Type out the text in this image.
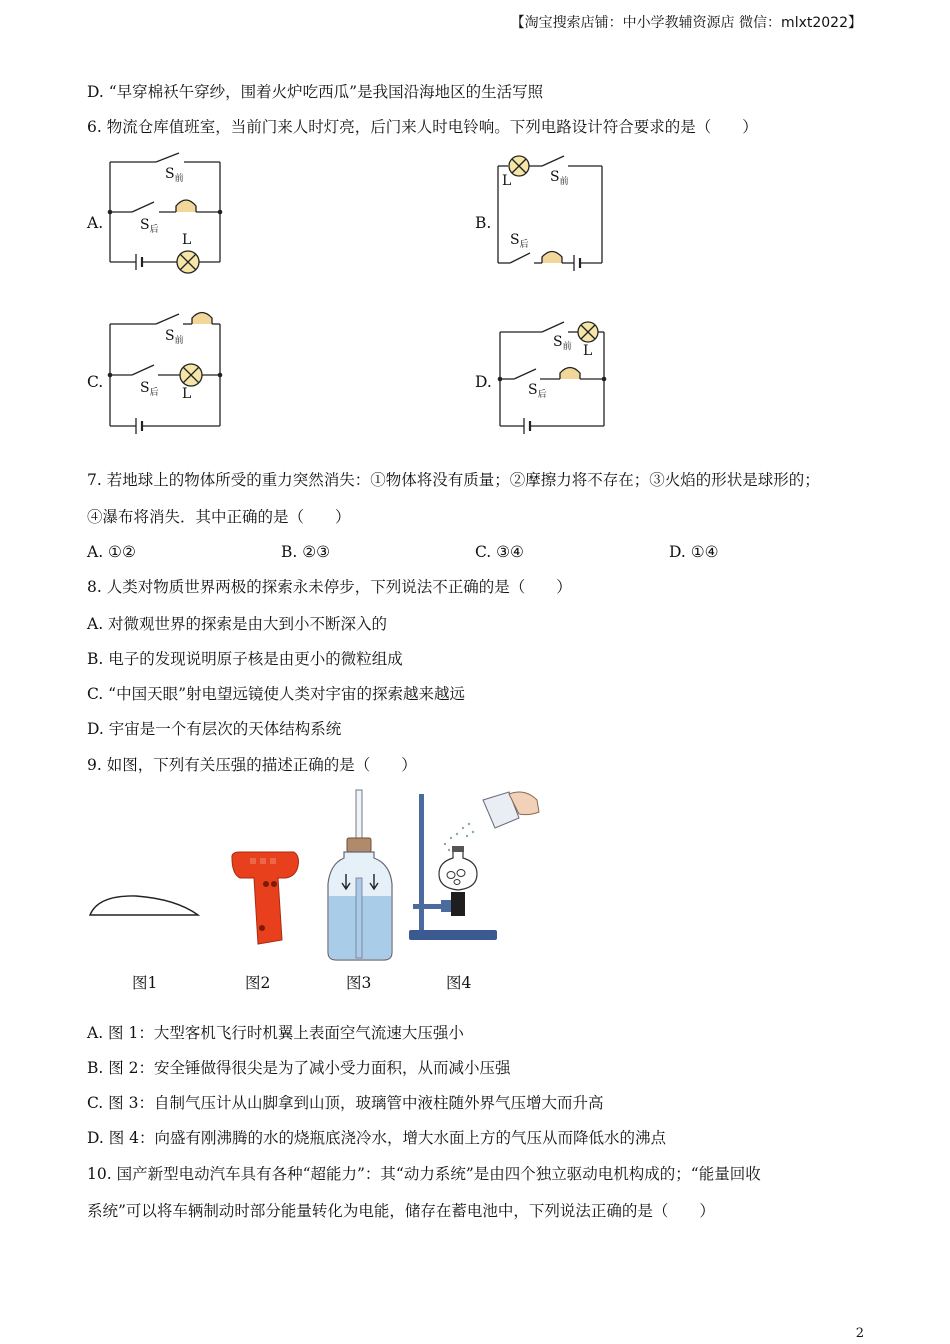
【淘宝搜索店铺：中小学教辅资源店 微信：mlxt2022】
D. “早穿棉袄午穿纱，围着火炉吃西瓜”是我国沿海地区的生活写照
6. 物流仓库值班室，当前门来人时灯亮，后门来人时电铃响。下列电路设计符合要求的是（　　）
A.
$S_前$
$S_后$
L
B.
L	$S_前$
$S_后$
C.
$S_前$
$S_后$ L
D.
$S_前$ L
$S_后$
7. 若地球上的物体所受的重力突然消失：①物体将没有质量；②摩擦力将不存在；③火焰的形状是球形的；
④瀑布将消失．其中正确的是（　　）
A. ①②	B. ②③	C. ③④	D. ①④
8. 人类对物质世界两极的探索永未停步，下列说法不正确的是（　　）
A. 对微观世界的探索是由大到小不断深入的
B. 电子的发现说明原子核是由更小的微粒组成
C. “中国天眼”射电望远镜使人类对宇宙的探索越来越远
D. 宇宙是一个有层次的天体结构系统
9. 如图，下列有关压强的描述正确的是（　　）
图1	图2	图3	图4
A. 图 1：大型客机飞行时机翼上表面空气流速大压强小
B. 图 2：安全锤做得很尖是为了减小受力面积，从而减小压强
C. 图 3：自制气压计从山脚拿到山顶，玻璃管中液柱随外界气压增大而升高
D. 图 4：向盛有刚沸腾的水的烧瓶底浇冷水，增大水面上方的气压从而降低水的沸点
10. 国产新型电动汽车具有各种“超能力”：其“动力系统”是由四个独立驱动电机构成的；“能量回收
系统”可以将车辆制动时部分能量转化为电能，储存在蓄电池中，下列说法正确的是（　　）
2
